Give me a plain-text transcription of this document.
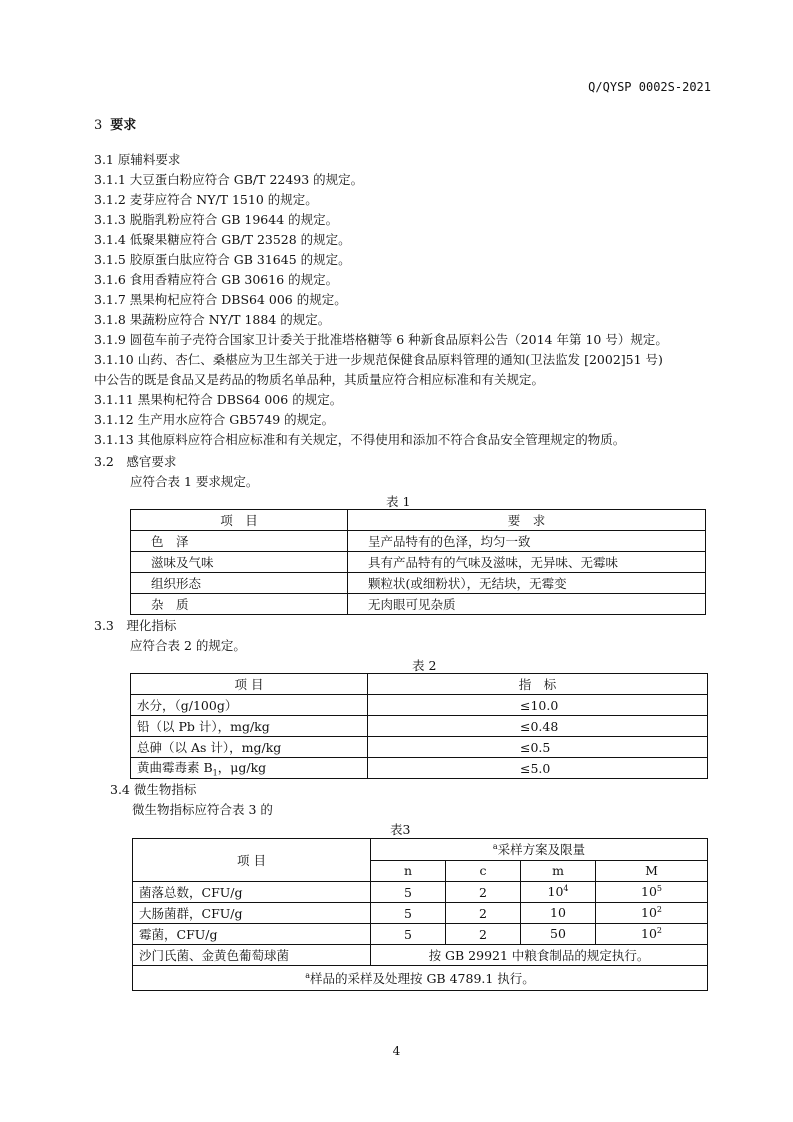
Q/QYSP 0002S-2021
3 要求
3.1 原辅料要求
3.1.1 大豆蛋白粉应符合 GB/T 22493 的规定。
3.1.2 麦芽应符合 NY/T 1510 的规定。
3.1.3 脱脂乳粉应符合 GB 19644 的规定。
3.1.4 低聚果糖应符合 GB/T 23528 的规定。
3.1.5 胶原蛋白肽应符合 GB 31645 的规定。
3.1.6 食用香精应符合 GB 30616 的规定。
3.1.7 黑果枸杞应符合 DBS64 006 的规定。
3.1.8 果蔬粉应符合 NY/T 1884 的规定。
3.1.9 圆苞车前子壳符合国家卫计委关于批准塔格糖等 6 种新食品原料公告（2014 年第 10 号）规定。
3.1.10 山药、杏仁、桑椹应为卫生部关于进一步规范保健食品原料管理的通知(卫法监发 [2002]51 号)
中公告的既是食品又是药品的物质名单品种，其质量应符合相应标准和有关规定。
3.1.11 黑果枸杞符合 DBS64 006 的规定。
3.1.12 生产用水应符合 GB5749 的规定。
3.1.13 其他原料应符合相应标准和有关规定，不得使用和添加不符合食品安全管理规定的物质。
3.2　感官要求
应符合表 1 要求规定。
表 1
项　目	要　求
色　泽	呈产品特有的色泽，均匀一致
滋味及气味	具有产品特有的气味及滋味，无异味、无霉味
组织形态	颗粒状(或细粉状），无结块，无霉变
杂　质	无肉眼可见杂质
3.3　理化指标
应符合表 2 的规定。
表 2
项 目	指　标
水分，（g/100g）	≤10.0
铅（以 Pb 计），mg/kg	≤0.48
总砷（以 As 计），mg/kg	≤0.5
黄曲霉毒素 $B_1$，μg/kg	≤5.0
3.4 微生物指标
微生物指标应符合表 3 的
表3
项 目	$^a$采样方案及限量			
	n	c	m	M
菌落总数，CFU/g	5	2	$10^4$	$10^5$
大肠菌群，CFU/g	5	2	10	$10^2$
霉菌，CFU/g	5	2	50	$10^2$
沙门氏菌、金黄色葡萄球菌	按 GB 29921 中粮食制品的规定执行。			
$^a$样品的采样及处理按 GB 4789.1 执行。				
4
